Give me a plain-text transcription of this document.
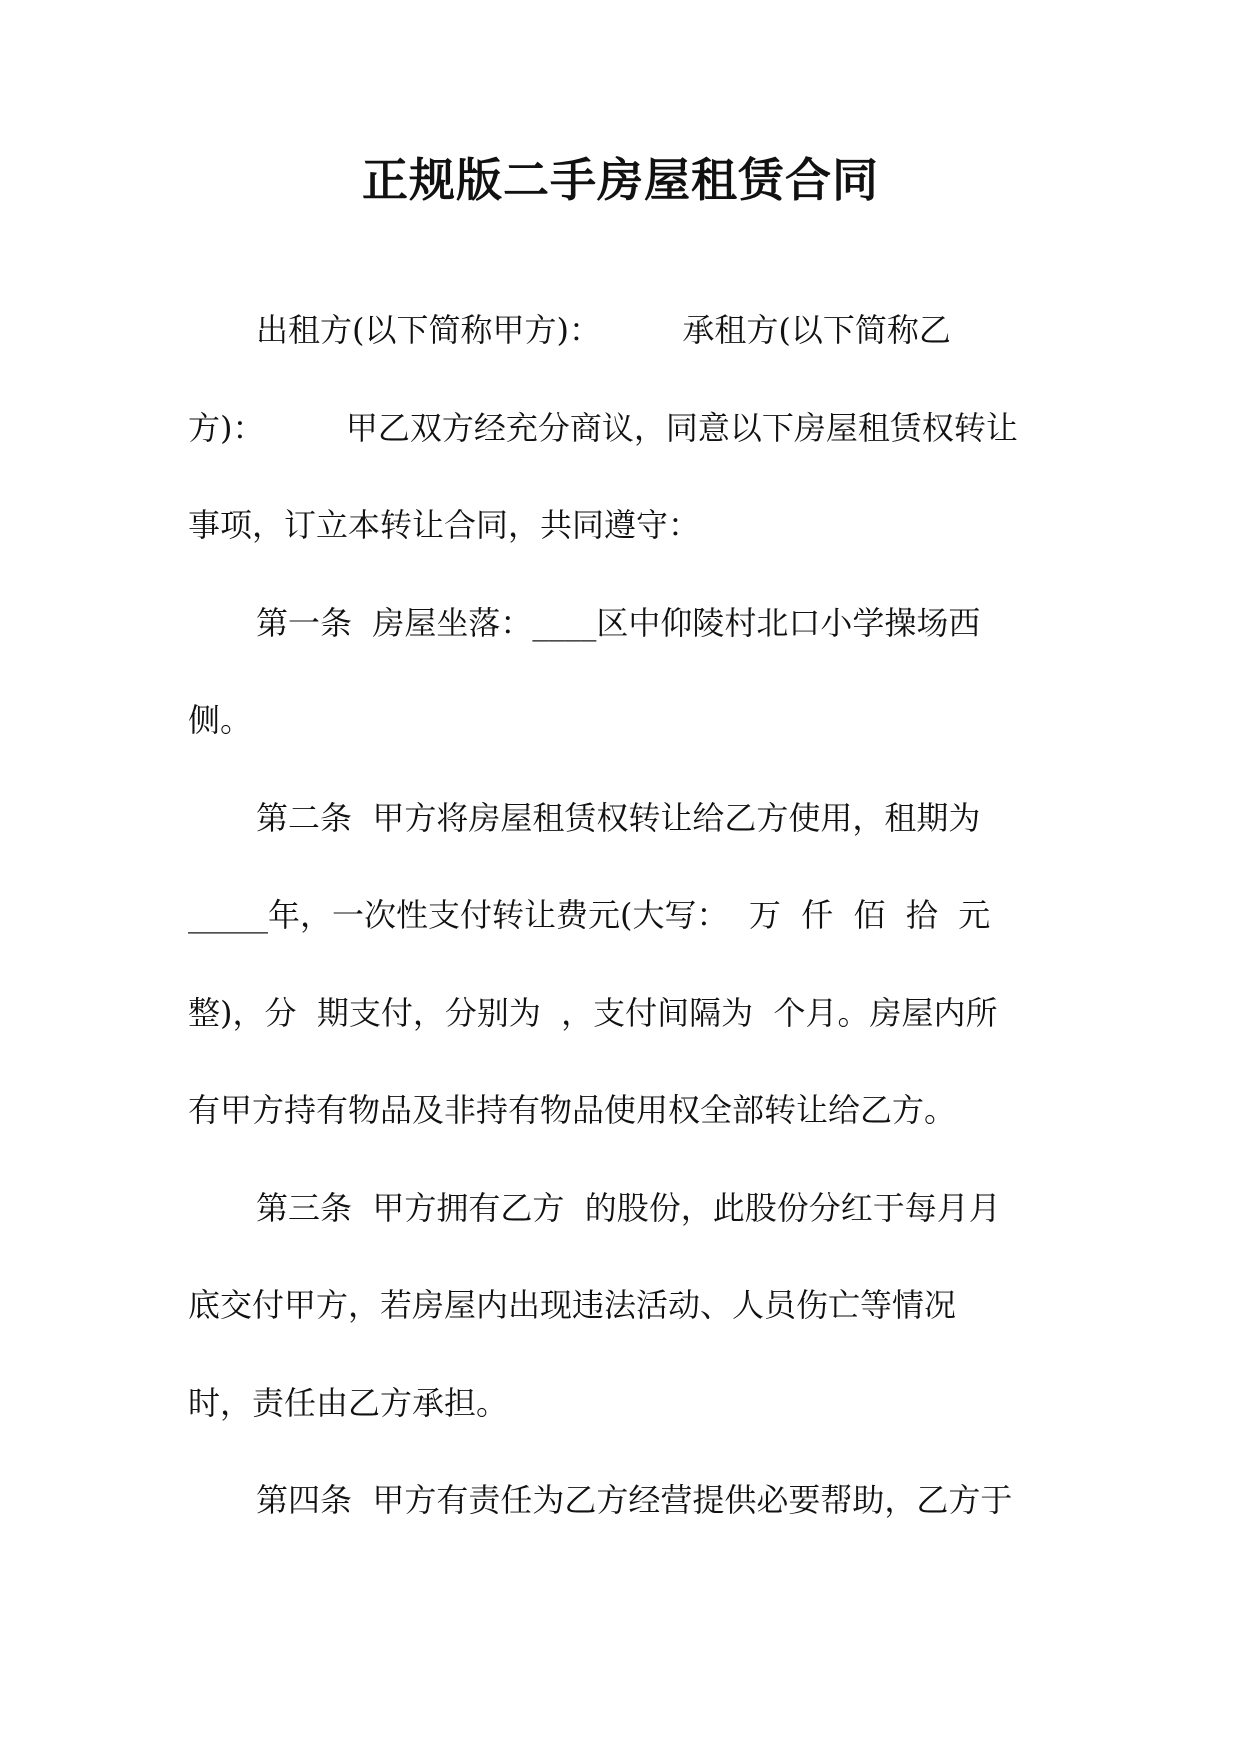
正规版二手房屋租赁合同

出租方(以下简称甲方)：        承租方(以下简称乙

方)：        甲乙双方经充分商议，同意以下房屋租赁权转让

事项，订立本转让合同，共同遵守：

第一条  房屋坐落：____区中仰陵村北口小学操场西

侧。

第二条  甲方将房屋租赁权转让给乙方使用，租期为

_____年，一次性支付转让费元(大写：  万  仟  佰  拾  元

整)，分  期支付，分别为  ，支付间隔为  个月。房屋内所

有甲方持有物品及非持有物品使用权全部转让给乙方。

第三条  甲方拥有乙方  的股份，此股份分红于每月月

底交付甲方，若房屋内出现违法活动、人员伤亡等情况

时，责任由乙方承担。

第四条  甲方有责任为乙方经营提供必要帮助，乙方于
